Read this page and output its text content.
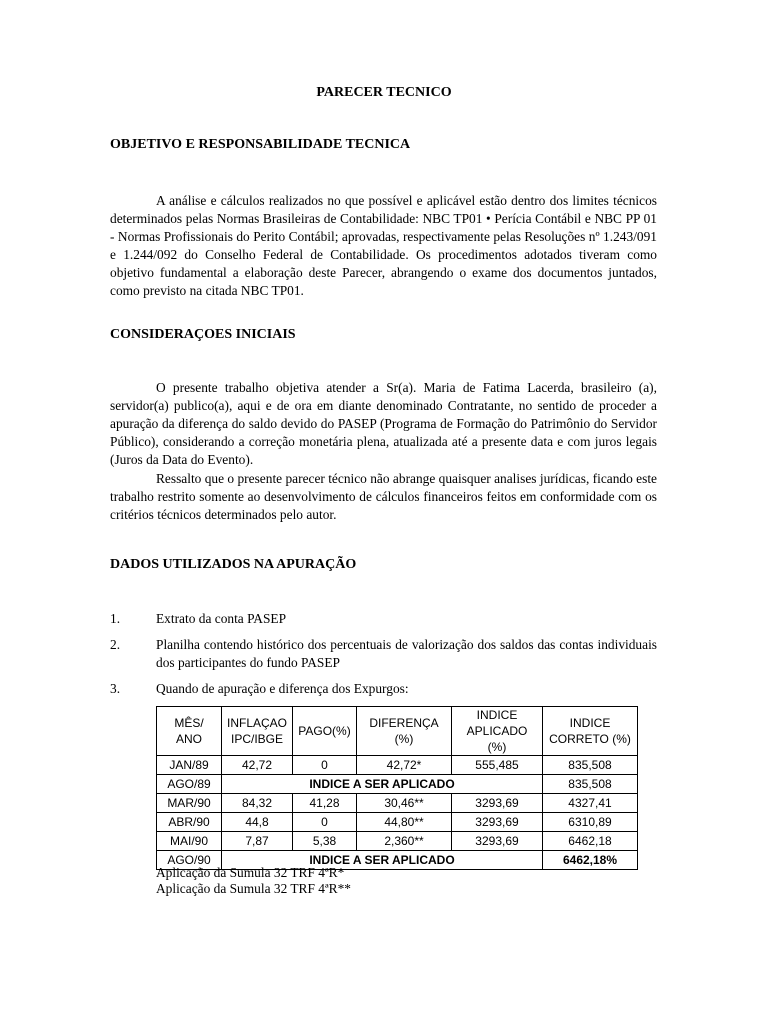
PARECER TECNICO
OBJETIVO E RESPONSABILIDADE TECNICA

A análise e cálculos realizados no que possível e aplicável estão dentro dos limites técnicos determinados pelas Normas Brasileiras de Contabilidade: NBC TP01 • Perícia Contábil e NBC PP 01 - Normas Profissionais do Perito Contábil; aprovadas, respectivamente pelas Resoluções nº 1.243/091 e 1.244/092 do Conselho Federal de Contabilidade. Os procedimentos adotados tiveram como objetivo fundamental a elaboração deste Parecer, abrangendo o exame dos documentos juntados, como previsto na citada NBC TP01.

CONSIDERAÇOES INICIAIS

O presente trabalho objetiva atender a Sr(a). Maria de Fatima Lacerda, brasileiro (a), servidor(a) publico(a), aqui e de ora em diante denominado Contratante, no sentido de proceder a apuração da diferença do saldo devido do PASEP (Programa de Formação do Patrimônio do Servidor Público), considerando a correção monetária plena, atualizada até a presente data e com juros legais (Juros da Data do Evento).

Ressalto que o presente parecer técnico não abrange quaisquer analises jurídicas, ficando este trabalho restrito somente ao desenvolvimento de cálculos financeiros feitos em conformidade com os critérios técnicos determinados pelo autor.

DADOS UTILIZADOS NA APURAÇÃO
1.	Extrato da conta PASEP
2.	Planilha contendo histórico dos percentuais de valorização dos saldos das contas individuais dos participantes do fundo PASEP
3.	Quando de apuração e diferença dos Expurgos:
MÊS/ ANO	INFLAÇAO IPC/IBGE	PAGO(%)	DIFERENÇA (%)	INDICE APLICADO (%)	INDICE CORRETO (%)
JAN/89	42,72	0	42,72*	555,485	835,508
AGO/89	INDICE A SER APLICADO				835,508
MAR/90	84,32	41,28	30,46**	3293,69	4327,41
ABR/90	44,8	0	44,80**	3293,69	6310,89
MAI/90	7,87	5,38	2,360**	3293,69	6462,18
AGO/90	INDICE A SER APLICADO				6462,18%
Aplicação da Sumula 32 TRF 4ªR*
Aplicação da Sumula 32 TRF 4ªR**
